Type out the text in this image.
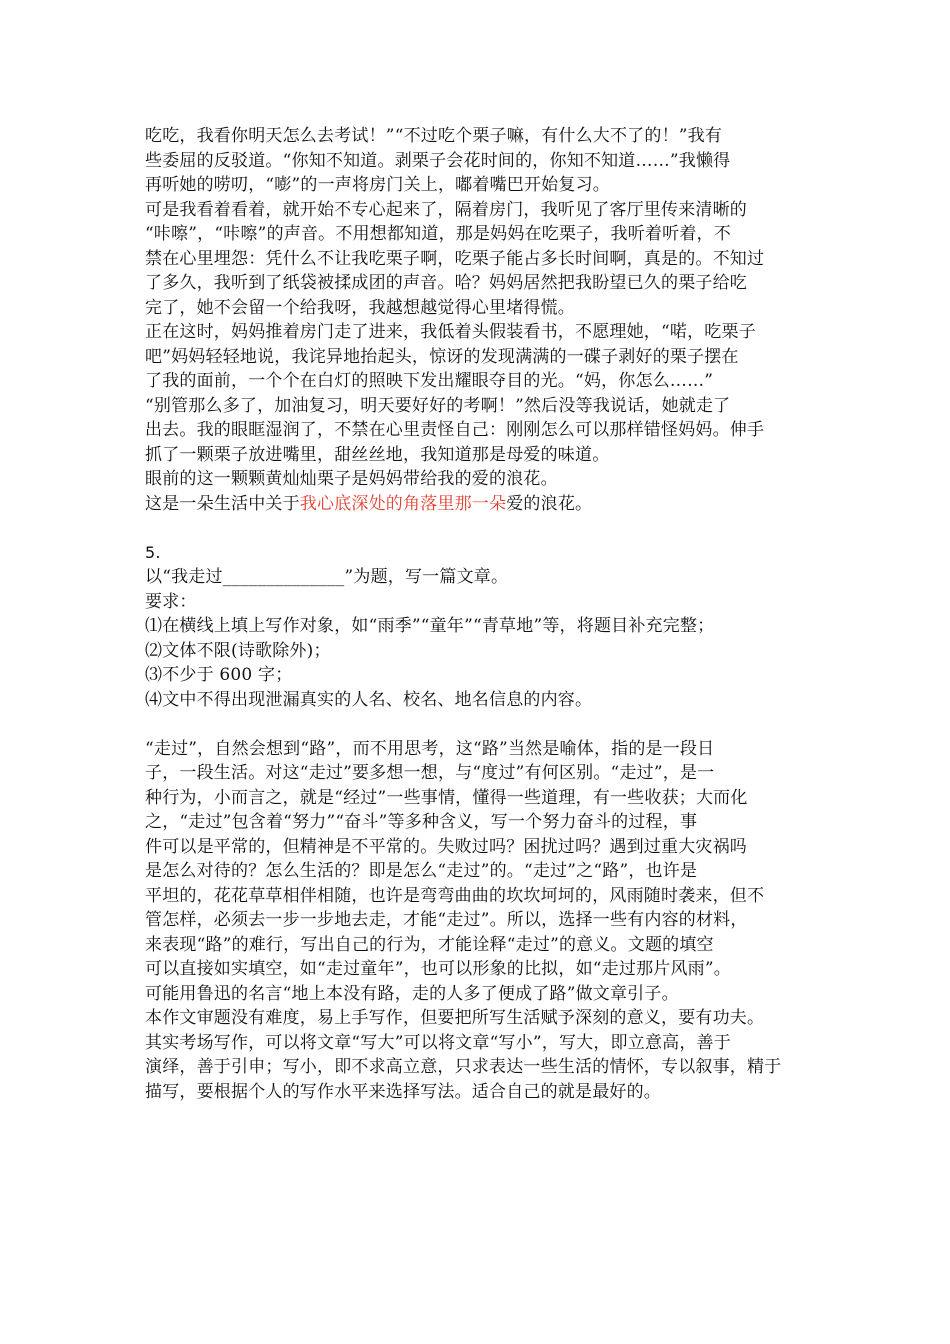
吃吃，我看你明天怎么去考试！”“不过吃个栗子嘛，有什么大不了的！”我有
些委屈的反驳道。“你知不知道。剥栗子会花时间的，你知不知道……”我懒得
再听她的唠叨，“嘭”的一声将房门关上，嘟着嘴巴开始复习。
可是我看着看着，就开始不专心起来了，隔着房门，我听见了客厅里传来清晰的
“咔嚓”，“咔嚓”的声音。不用想都知道，那是妈妈在吃栗子，我听着听着，不
禁在心里埋怨：凭什么不让我吃栗子啊，吃栗子能占多长时间啊，真是的。不知过
了多久，我听到了纸袋被揉成团的声音。哈？妈妈居然把我盼望已久的栗子给吃
完了，她不会留一个给我呀，我越想越觉得心里堵得慌。
正在这时，妈妈推着房门走了进来，我低着头假装看书，不愿理她，“喏，吃栗子
吧”妈妈轻轻地说，我诧异地抬起头，惊讶的发现满满的一碟子剥好的栗子摆在
了我的面前，一个个在白灯的照映下发出耀眼夺目的光。“妈，你怎么……”
“别管那么多了，加油复习，明天要好好的考啊！”然后没等我说话，她就走了
出去。我的眼眶湿润了，不禁在心里责怪自己：刚刚怎么可以那样错怪妈妈。伸手
抓了一颗栗子放进嘴里，甜丝丝地，我知道那是母爱的味道。
眼前的这一颗颗黄灿灿栗子是妈妈带给我的爱的浪花。
这是一朵生活中关于我心底深处的角落里那一朵爱的浪花。
5.
以“我走过______________”为题，写一篇文章。
要求：
⑴在横线上填上写作对象，如“雨季”“童年”“青草地”等，将题目补充完整；
⑵文体不限(诗歌除外)；
⑶不少于 600 字；
⑷文中不得出现泄漏真实的人名、校名、地名信息的内容。
“走过”，自然会想到“路”，而不用思考，这“路”当然是喻体，指的是一段日
子，一段生活。对这“走过”要多想一想，与“度过”有何区别。“走过”，是一
种行为，小而言之，就是“经过”一些事情，懂得一些道理，有一些收获；大而化
之，“走过”包含着“努力”“奋斗”等多种含义，写一个努力奋斗的过程，事
件可以是平常的，但精神是不平常的。失败过吗？困扰过吗？遇到过重大灾祸吗
是怎么对待的？怎么生活的？即是怎么“走过”的。“走过”之“路”，也许是
平坦的，花花草草相伴相随，也许是弯弯曲曲的坎坎坷坷的，风雨随时袭来，但不
管怎样，必须去一步一步地去走，才能“走过”。所以，选择一些有内容的材料，
来表现“路”的难行，写出自己的行为，才能诠释“走过”的意义。文题的填空
可以直接如实填空，如“走过童年”，也可以形象的比拟，如“走过那片风雨”。
可能用鲁迅的名言“地上本没有路，走的人多了便成了路”做文章引子。
本作文审题没有难度，易上手写作，但要把所写生活赋予深刻的意义，要有功夫。
其实考场写作，可以将文章“写大”可以将文章“写小”，写大，即立意高，善于
演绎，善于引申；写小，即不求高立意，只求表达一些生活的情怀，专以叙事，精于
描写，要根据个人的写作水平来选择写法。适合自己的就是最好的。
